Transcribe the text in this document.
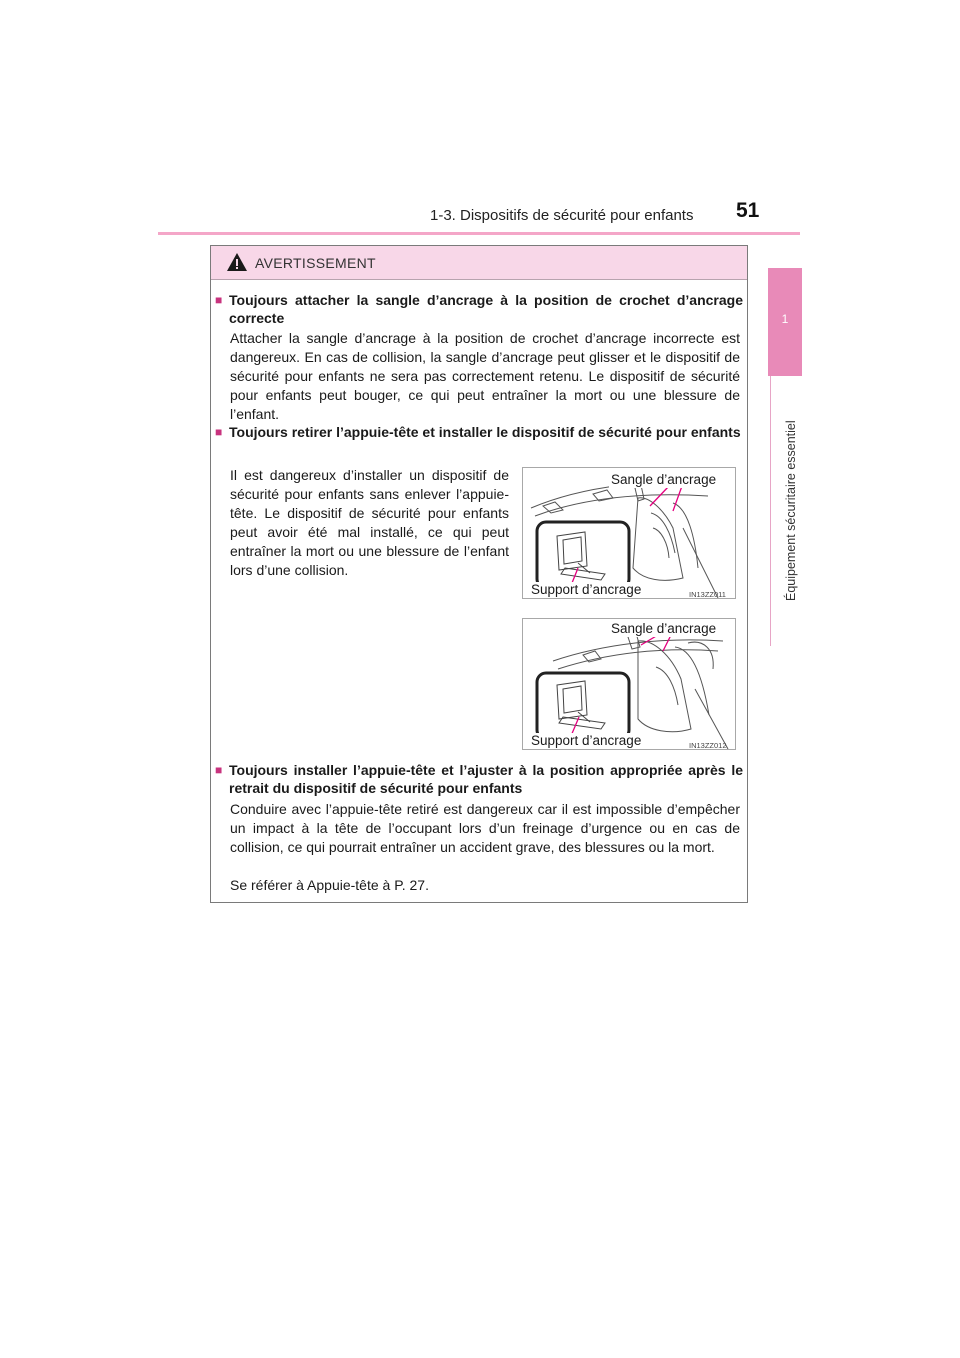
1-3. Dispositifs de sécurité pour enfants 51
1
Équipement sécuritaire essentiel
AVERTISSEMENT
■ Toujours attacher la sangle d’ancrage à la position de crochet d’ancrage correcte
Attacher la sangle d’ancrage à la position de crochet d’ancrage incorrecte est dangereux. En cas de collision, la sangle d’ancrage peut glisser et le dispositif de sécurité pour enfants ne sera pas correctement retenu. Le dispositif de sécurité pour enfants peut bouger, ce qui peut entraîner la mort ou une blessure de l’enfant.
■ Toujours retirer l’appuie-tête et installer le dispositif de sécurité pour enfants
Il est dangereux d’installer un dispositif de sécurité pour enfants sans enlever l’appuie-tête. Le dispositif de sécurité pour enfants peut avoir été mal installé, ce qui peut entraîner la mort ou une blessure de l’enfant lors d’une collision.
Sangle d’ancrage
Support d’ancrage	IN13ZZ011
Sangle d’ancrage
Support d’ancrage	IN13ZZ012
■ Toujours installer l’appuie-tête et l’ajuster à la position appropriée après le retrait du dispositif de sécurité pour enfants
Conduire avec l’appuie-tête retiré est dangereux car il est impossible d’empêcher un impact à la tête de l’occupant lors d’un freinage d’urgence ou en cas de collision, ce qui pourrait entraîner un accident grave, des blessures ou la mort.
Se référer à Appuie-tête à P. 27.
